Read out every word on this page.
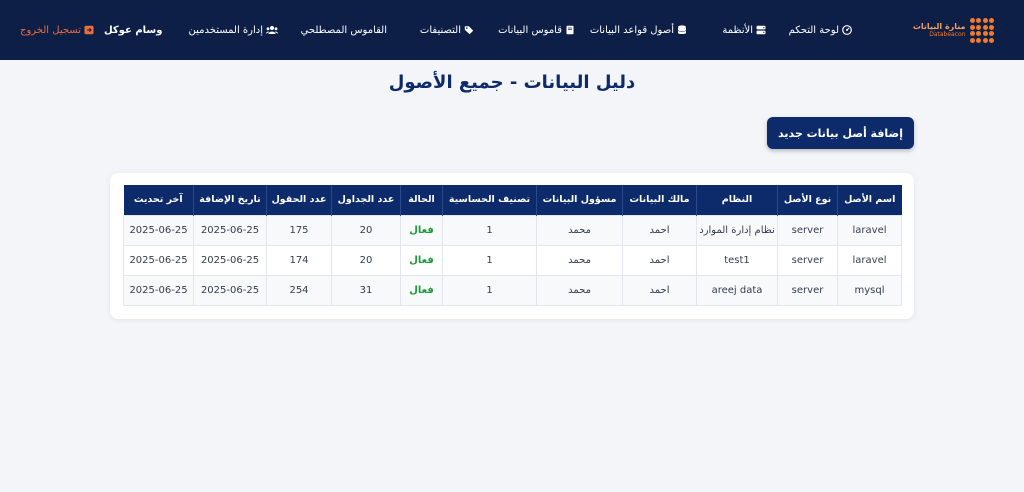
منارة البيانات
Databeacon
لوحة التحكم
الأنظمة
أصول قواعد البيانات
قاموس البيانات
التصنيفات
القاموس المصطلحي
إدارة المستخدمين
وسام عوكل
تسجيل الخروج
دليل البيانات - جميع الأصول
إضافة أصل بيانات جديد
اسم الأصل	نوع الأصل	النظام	مالك البيانات	مسؤول البيانات	تصنيف الحساسية	الحالة	عدد الجداول	عدد الحقول	تاريخ الإضافة	آخر تحديث
laravel	server	نظام إدارة الموارد	احمد	محمد	1	فعال	20	175	2025-06-25	2025-06-25
laravel	server	test1	احمد	محمد	1	فعال	20	174	2025-06-25	2025-06-25
mysql	server	areej data	احمد	محمد	1	فعال	31	254	2025-06-25	2025-06-25
